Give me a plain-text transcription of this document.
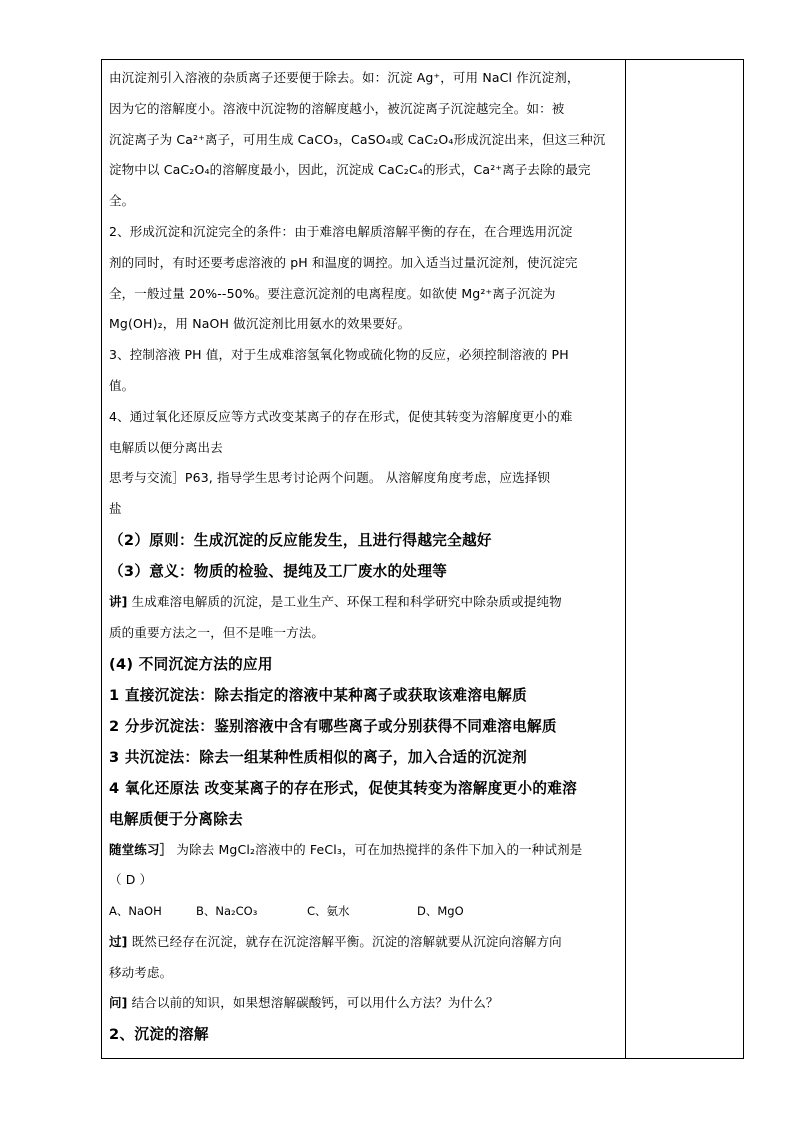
由沉淀剂引入溶液的杂质离子还要便于除去。如：沉淀 Ag⁺，可用 NaCl 作沉淀剂，
因为它的溶解度小。溶液中沉淀物的溶解度越小，被沉淀离子沉淀越完全。如：被
沉淀离子为 Ca²⁺离子，可用生成 CaCO₃，CaSO₄或 CaC₂O₄形成沉淀出来，但这三种沉
淀物中以 CaC₂O₄的溶解度最小，因此，沉淀成 CaC₂C₄的形式，Ca²⁺离子去除的最完
全。
2、形成沉淀和沉淀完全的条件：由于难溶电解质溶解平衡的存在，在合理选用沉淀
剂的同时，有时还要考虑溶液的 pH 和温度的调控。加入适当过量沉淀剂，使沉淀完
全，一般过量 20%--50%。要注意沉淀剂的电离程度。如欲使 Mg²⁺离子沉淀为
Mg(OH)₂，用 NaOH 做沉淀剂比用氨水的效果要好。
3、控制溶液 PH 值，对于生成难溶氢氧化物或硫化物的反应，必须控制溶液的 PH
值。
4、通过氧化还原反应等方式改变某离子的存在形式，促使其转变为溶解度更小的难
电解质以便分离出去
思考与交流］P63, 指导学生思考讨论两个问题。 从溶解度角度考虑，应选择钡
盐
（2）原则：生成沉淀的反应能发生，且进行得越完全越好
（3）意义：物质的检验、提纯及工厂废水的处理等
讲] 生成难溶电解质的沉淀，是工业生产、环保工程和科学研究中除杂质或提纯物
质的重要方法之一，但不是唯一方法。
(4) 不同沉淀方法的应用
1 直接沉淀法：除去指定的溶液中某种离子或获取该难溶电解质
2 分步沉淀法：鉴别溶液中含有哪些离子或分别获得不同难溶电解质
3 共沉淀法：除去一组某种性质相似的离子，加入合适的沉淀剂
4 氧化还原法 改变某离子的存在形式，促使其转变为溶解度更小的难溶
电解质便于分离除去
随堂练习］ 为除去 MgCl₂溶液中的 FeCl₃，可在加热搅拌的条件下加入的一种试剂是
（ D ）
A、NaOH	B、Na₂CO₃	C、氨水	D、MgO
过] 既然已经存在沉淀，就存在沉淀溶解平衡。沉淀的溶解就要从沉淀向溶解方向
移动考虑。
问] 结合以前的知识，如果想溶解碳酸钙，可以用什么方法？为什么？
2、沉淀的溶解
